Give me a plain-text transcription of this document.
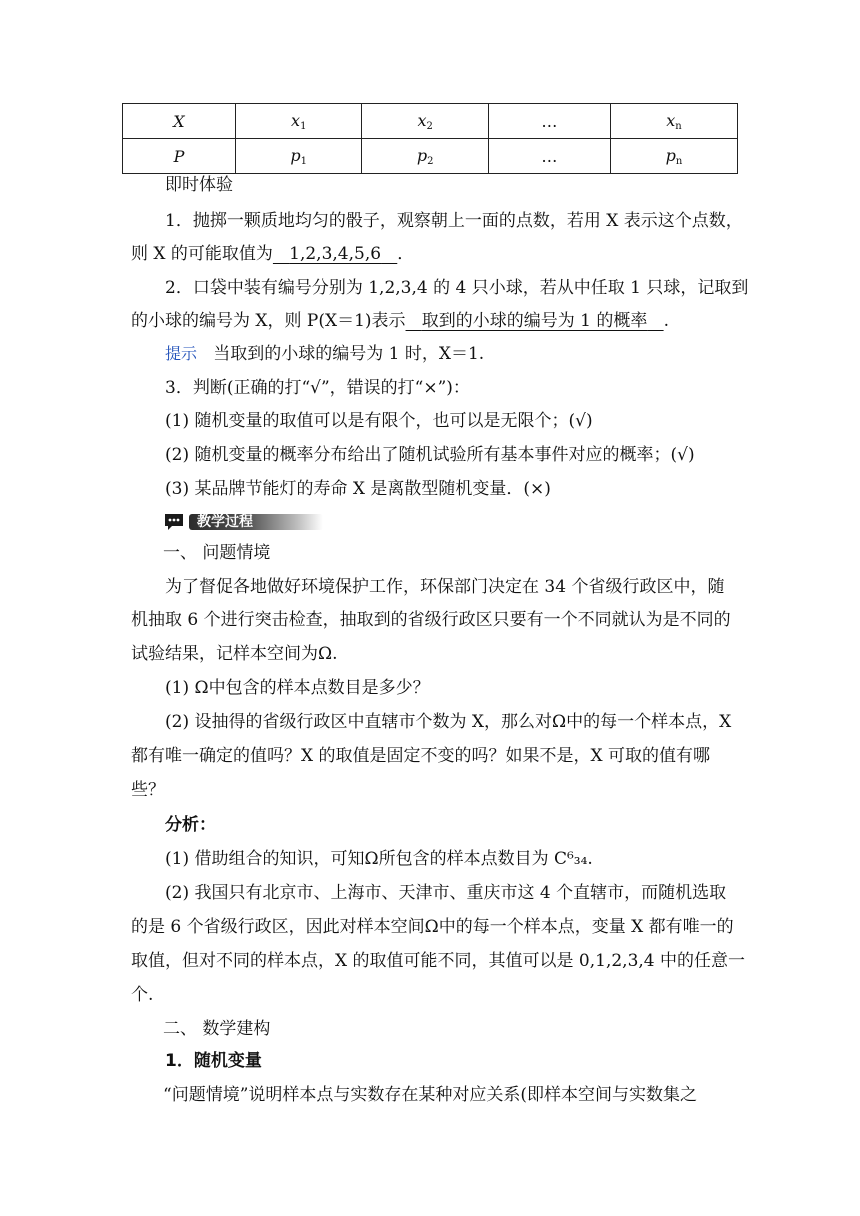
X	$x_1$	$x_2$	…	$x_n$
P	$p_1$	$p_2$	…	$p_n$
即时体验
1．抛掷一颗质地均匀的骰子，观察朝上一面的点数，若用 X 表示这个点数，
则 X 的可能取值为 1,2,3,4,5,6 ．
2．口袋中装有编号分别为 1,2,3,4 的 4 只小球，若从中任取 1 只球，记取到
的小球的编号为 X，则 P(X＝1)表示 取到的小球的编号为 1 的概率 .
提示 当取到的小球的编号为 1 时，X＝1.
3．判断(正确的打“√”，错误的打“×”)：
(1) 随机变量的取值可以是有限个，也可以是无限个；(√)
(2) 随机变量的概率分布给出了随机试验所有基本事件对应的概率；(√)
(3) 某品牌节能灯的寿命 X 是离散型随机变量．(×)
教学过程
一、 问题情境
为了督促各地做好环境保护工作，环保部门决定在 34 个省级行政区中，随
机抽取 6 个进行突击检查，抽取到的省级行政区只要有一个不同就认为是不同的
试验结果，记样本空间为Ω.
(1) Ω中包含的样本点数目是多少？
(2) 设抽得的省级行政区中直辖市个数为 X，那么对Ω中的每一个样本点，X
都有唯一确定的值吗？X 的取值是固定不变的吗？如果不是，X 可取的值有哪
些？
分析：
(1) 借助组合的知识，可知Ω所包含的样本点数目为 C⁶₃₄.
(2) 我国只有北京市、上海市、天津市、重庆市这 4 个直辖市，而随机选取
的是 6 个省级行政区，因此对样本空间Ω中的每一个样本点，变量 X 都有唯一的
取值，但对不同的样本点，X 的取值可能不同，其值可以是 0,1,2,3,4 中的任意一
个.
二、 数学建构
1．随机变量
“问题情境”说明样本点与实数存在某种对应关系(即样本空间与实数集之
